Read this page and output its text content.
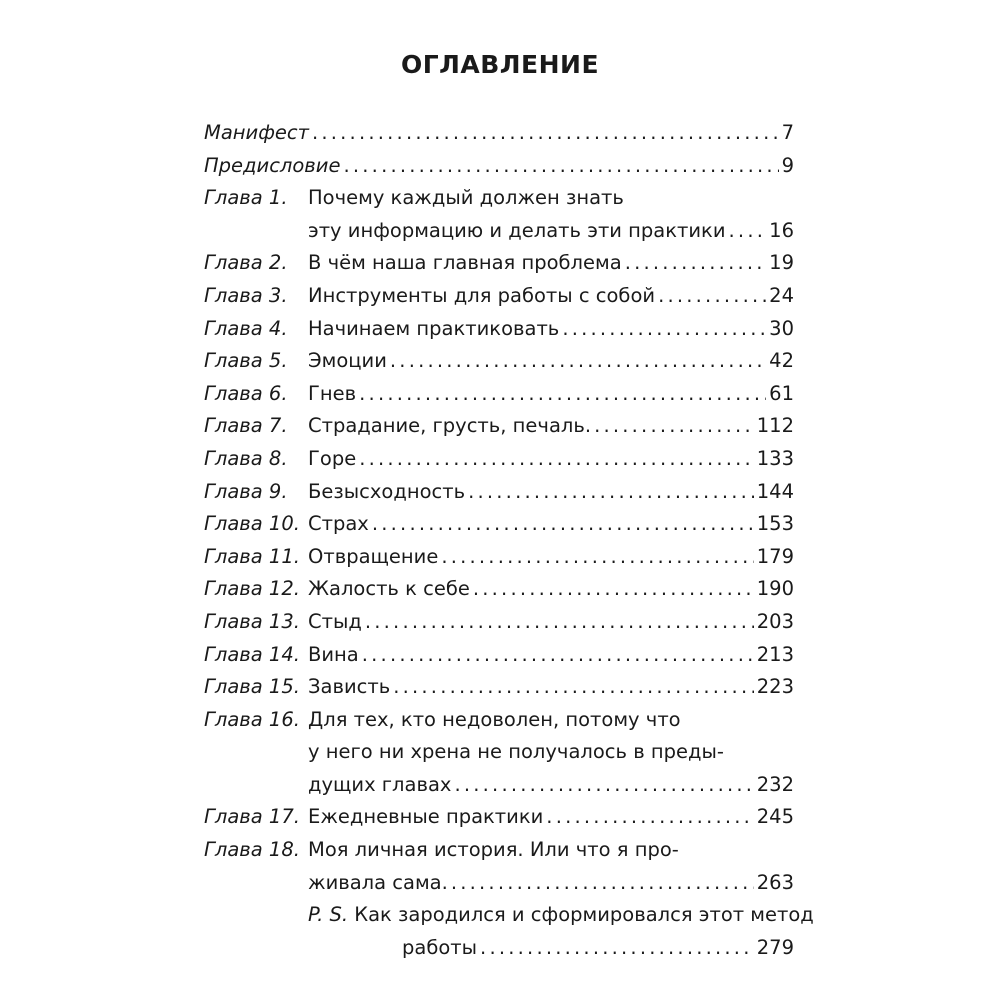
ОГЛАВЛЕНИЕ
Манифест .....	7
Предисловие .....	9
Глава 1. Почему каждый должен знать
эту информацию и делать эти практики ..... 16
Глава 2. В чём наша главная проблема .....	19
Глава 3. Инструменты для работы с собой .....	24
Глава 4. Начинаем практиковать .....	30
Глава 5. Эмоции .....	42
Глава 6. Гнев .....	61
Глава 7. Страдание, грусть, печаль. .....	112
Глава 8. Горе .....	133
Глава 9. Безысходность .....	144
Глава 10. Страх .....	153
Глава 11. Отвращение .....	179
Глава 12. Жалость к себе .....	190
Глава 13. Стыд .....	203
Глава 14. Вина .....	213
Глава 15. Зависть .....	223
Глава 16. Для тех, кто недоволен, потому что
у него ни хрена не получалось в преды-
дущих главах .....	232
Глава 17. Ежедневные практики .....	245
Глава 18. Моя личная история. Или что я про-
живала сама. .....	263
P. S. Как зародился и сформировался этот метод
работы .....	279
